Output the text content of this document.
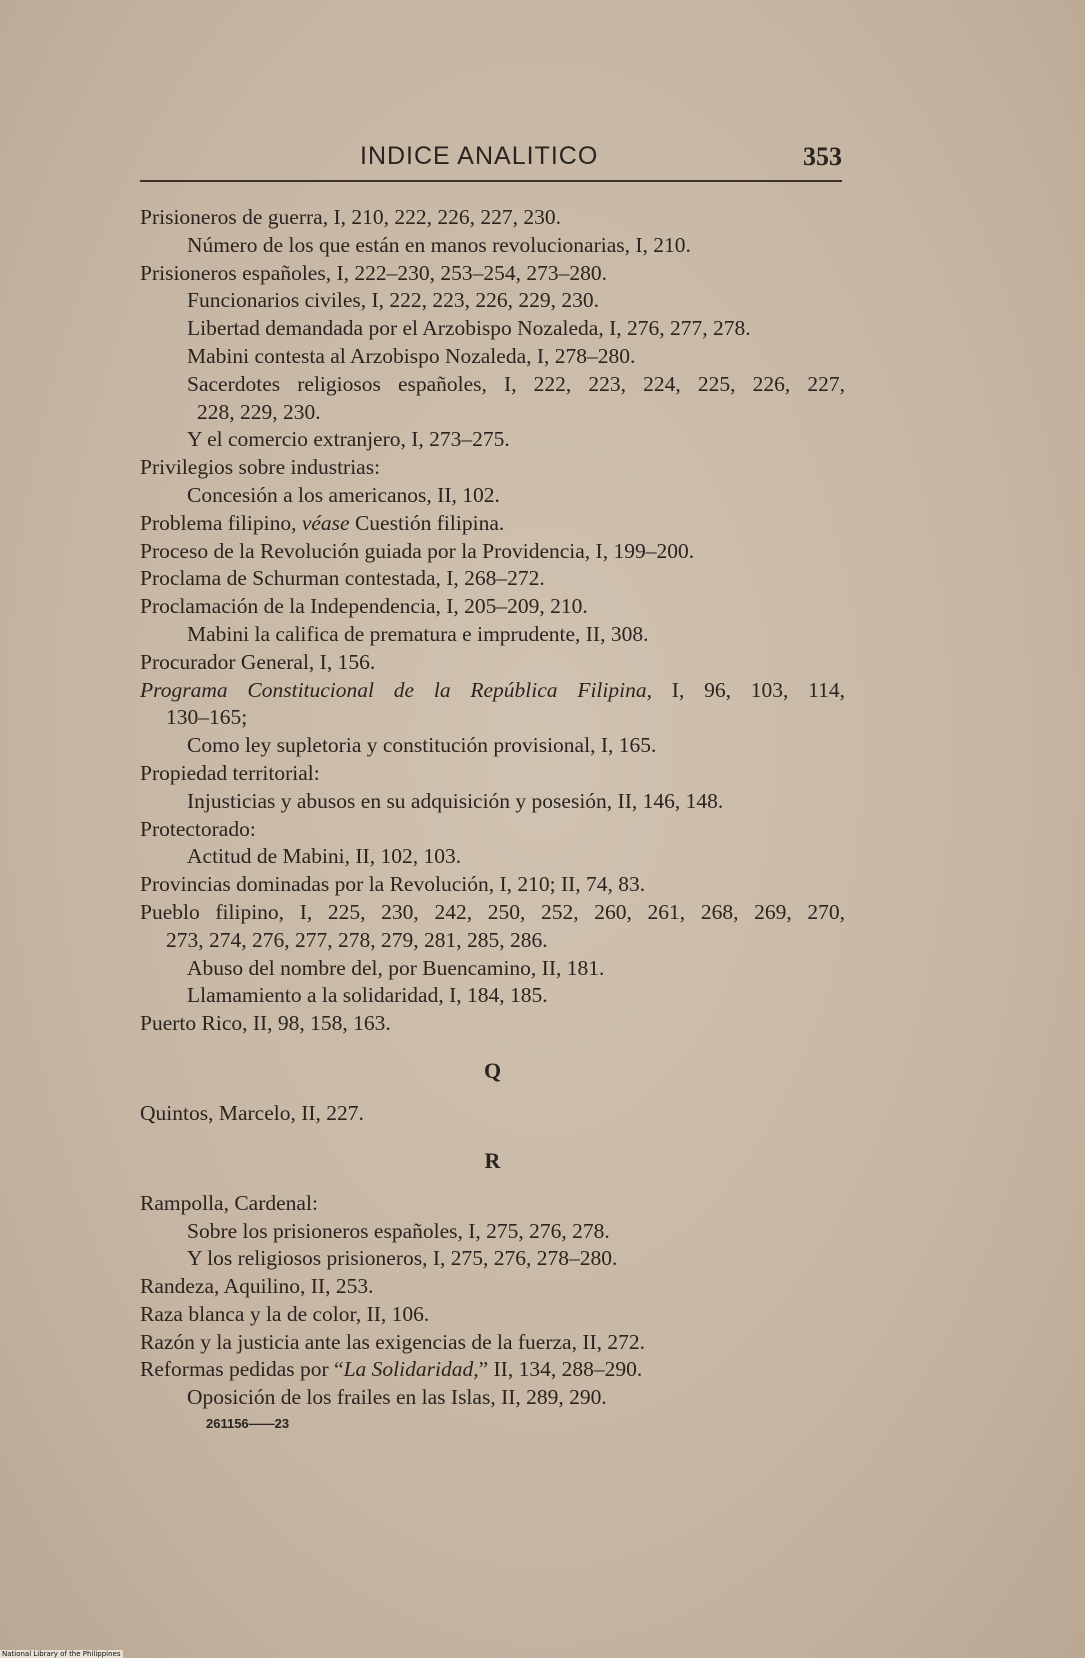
INDICE ANALITICO	353
Prisioneros de guerra, I, 210, 222, 226, 227, 230.
Número de los que están en manos revolucionarias, I, 210.
Prisioneros españoles, I, 222–230, 253–254, 273–280.
Funcionarios civiles, I, 222, 223, 226, 229, 230.
Libertad demandada por el Arzobispo Nozaleda, I, 276, 277, 278.
Mabini contesta al Arzobispo Nozaleda, I, 278–280.
Sacerdotes religiosos españoles, I, 222, 223, 224, 225, 226, 227,
228, 229, 230.
Y el comercio extranjero, I, 273–275.
Privilegios sobre industrias:
Concesión a los americanos, II, 102.
Problema filipino, véase Cuestión filipina.
Proceso de la Revolución guiada por la Providencia, I, 199–200.
Proclama de Schurman contestada, I, 268–272.
Proclamación de la Independencia, I, 205–209, 210.
Mabini la califica de prematura e imprudente, II, 308.
Procurador General, I, 156.
Programa Constitucional de la República Filipina, I, 96, 103, 114,
130–165;
Como ley supletoria y constitución provisional, I, 165.
Propiedad territorial:
Injusticias y abusos en su adquisición y posesión, II, 146, 148.
Protectorado:
Actitud de Mabini, II, 102, 103.
Provincias dominadas por la Revolución, I, 210; II, 74, 83.
Pueblo filipino, I, 225, 230, 242, 250, 252, 260, 261, 268, 269, 270,
273, 274, 276, 277, 278, 279, 281, 285, 286.
Abuso del nombre del, por Buencamino, II, 181.
Llamamiento a la solidaridad, I, 184, 185.
Puerto Rico, II, 98, 158, 163.
Q
Quintos, Marcelo, II, 227.
R
Rampolla, Cardenal:
Sobre los prisioneros españoles, I, 275, 276, 278.
Y los religiosos prisioneros, I, 275, 276, 278–280.
Randeza, Aquilino, II, 253.
Raza blanca y la de color, II, 106.
Razón y la justicia ante las exigencias de la fuerza, II, 272.
Reformas pedidas por “La Solidaridad,” II, 134, 288–290.
Oposición de los frailes en las Islas, II, 289, 290.
261156——23
National Library of the Philippines
